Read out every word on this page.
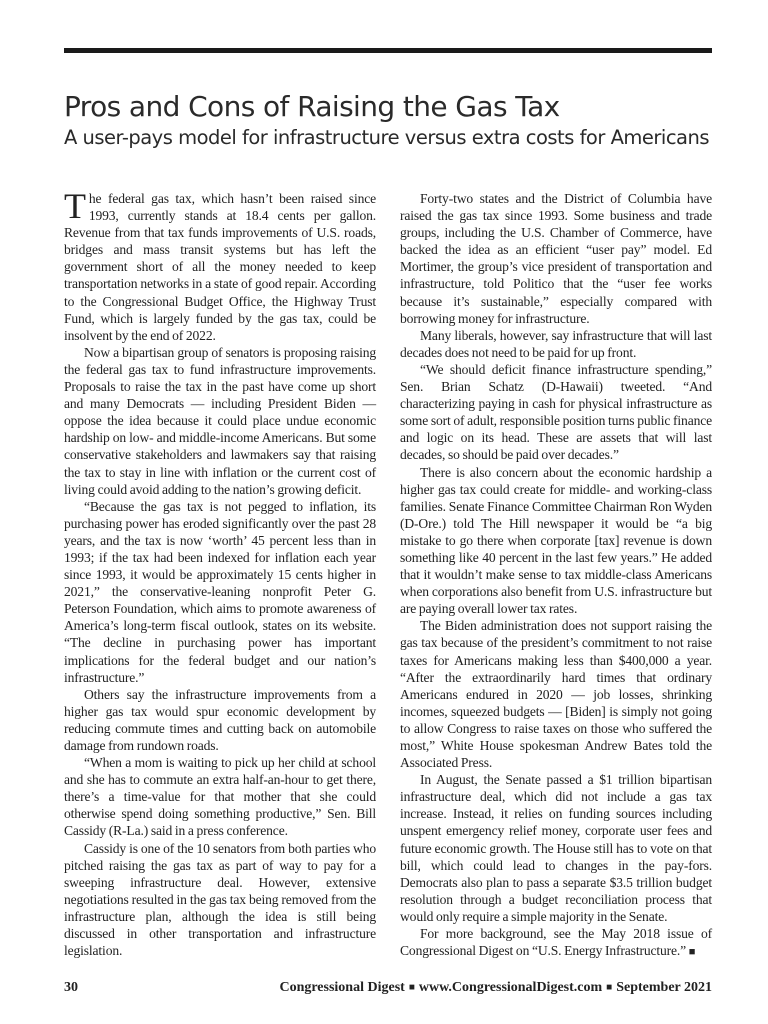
Pros and Cons of Raising the Gas Tax
A user-pays model for infrastructure versus extra costs for Americans

The federal gas tax, which hasn’t been raised since 1993, currently stands at 18.4 cents per gallon. Revenue from that tax funds improvements of U.S. roads, bridges and mass transit systems but has left the government short of all the money needed to keep transportation networks in a state of good repair. According to the Congressional Budget Office, the Highway Trust Fund, which is largely funded by the gas tax, could be insolvent by the end of 2022.

Now a bipartisan group of senators is proposing raising the federal gas tax to fund infrastructure improvements. Proposals to raise the tax in the past have come up short and many Democrats — including President Biden — oppose the idea because it could place undue economic hardship on low- and middle-income Americans. But some conservative stakeholders and lawmakers say that raising the tax to stay in line with inflation or the current cost of living could avoid adding to the nation’s growing deficit.

“Because the gas tax is not pegged to inflation, its purchasing power has eroded significantly over the past 28 years, and the tax is now ‘worth’ 45 percent less than in 1993; if the tax had been indexed for inflation each year since 1993, it would be approximately 15 cents higher in 2021,” the conservative-leaning nonprofit Peter G. Peterson Foundation, which aims to promote awareness of America’s long-term fiscal outlook, states on its website. “The decline in purchasing power has important implications for the federal budget and our nation’s infrastructure.”

Others say the infrastructure improvements from a higher gas tax would spur economic development by reducing commute times and cutting back on automobile damage from rundown roads.

“When a mom is waiting to pick up her child at school and she has to commute an extra half-an-hour to get there, there’s a time-value for that mother that she could otherwise spend doing something productive,” Sen. Bill Cassidy (R-La.) said in a press conference.

Cassidy is one of the 10 senators from both parties who pitched raising the gas tax as part of way to pay for a sweeping infrastructure deal. However, extensive negotiations resulted in the gas tax being removed from the infrastructure plan, although the idea is still being discussed in other transportation and infrastructure legislation.

Forty-two states and the District of Columbia have raised the gas tax since 1993. Some business and trade groups, including the U.S. Chamber of Commerce, have backed the idea as an efficient “user pay” model. Ed Mortimer, the group’s vice president of transportation and infrastructure, told Politico that the “user fee works because it’s sustainable,” especially compared with borrowing money for infrastructure.

Many liberals, however, say infrastructure that will last decades does not need to be paid for up front.

“We should deficit finance infrastructure spending,” Sen. Brian Schatz (D-Hawaii) tweeted. “And characterizing paying in cash for physical infrastructure as some sort of adult, responsible position turns public finance and logic on its head. These are assets that will last decades, so should be paid over decades.”

There is also concern about the economic hardship a higher gas tax could create for middle- and working-class families. Senate Finance Committee Chairman Ron Wyden (D-Ore.) told The Hill newspaper it would be “a big mistake to go there when corporate [tax] revenue is down something like 40 percent in the last few years.” He added that it wouldn’t make sense to tax middle-class Americans when corporations also benefit from U.S. infrastructure but are paying overall lower tax rates.

The Biden administration does not support raising the gas tax because of the president’s commitment to not raise taxes for Americans making less than $400,000 a year. “After the extraordinarily hard times that ordinary Americans endured in 2020 — job losses, shrinking incomes, squeezed budgets — [Biden] is simply not going to allow Congress to raise taxes on those who suffered the most,” White House spokesman Andrew Bates told the Associated Press.

In August, the Senate passed a $1 trillion bipartisan infrastructure deal, which did not include a gas tax increase. Instead, it relies on funding sources including unspent emergency relief money, corporate user fees and future economic growth. The House still has to vote on that bill, which could lead to changes in the pay-fors. Democrats also plan to pass a separate $3.5 trillion budget resolution through a budget reconciliation process that would only require a simple majority in the Senate.

For more background, see the May 2018 issue of Congressional Digest on “U.S. Energy Infrastructure.” ■

30	Congressional Digest ■ www.CongressionalDigest.com ■ September 2021
